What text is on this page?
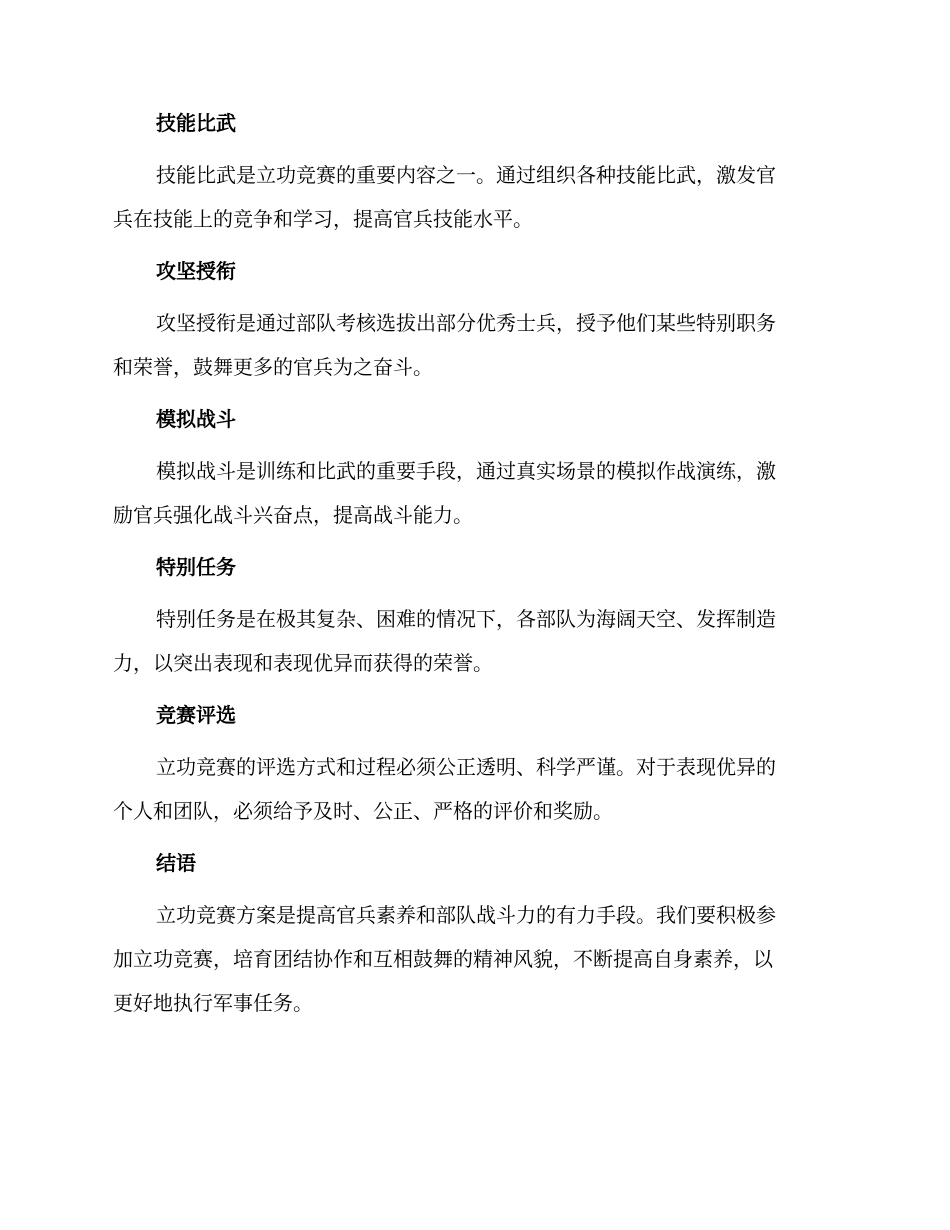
技能比武
技能比武是立功竞赛的重要内容之一。通过组织各种技能比武，激发官
兵在技能上的竞争和学习，提高官兵技能水平。
攻坚授衔
攻坚授衔是通过部队考核选拔出部分优秀士兵，授予他们某些特别职务
和荣誉，鼓舞更多的官兵为之奋斗。
模拟战斗
模拟战斗是训练和比武的重要手段，通过真实场景的模拟作战演练，激
励官兵强化战斗兴奋点，提高战斗能力。
特别任务
特别任务是在极其复杂、困难的情况下，各部队为海阔天空、发挥制造
力，以突出表现和表现优异而获得的荣誉。
竞赛评选
立功竞赛的评选方式和过程必须公正透明、科学严谨。对于表现优异的
个人和团队，必须给予及时、公正、严格的评价和奖励。
结语
立功竞赛方案是提高官兵素养和部队战斗力的有力手段。我们要积极参
加立功竞赛，培育团结协作和互相鼓舞的精神风貌，不断提高自身素养，以
更好地执行军事任务。
